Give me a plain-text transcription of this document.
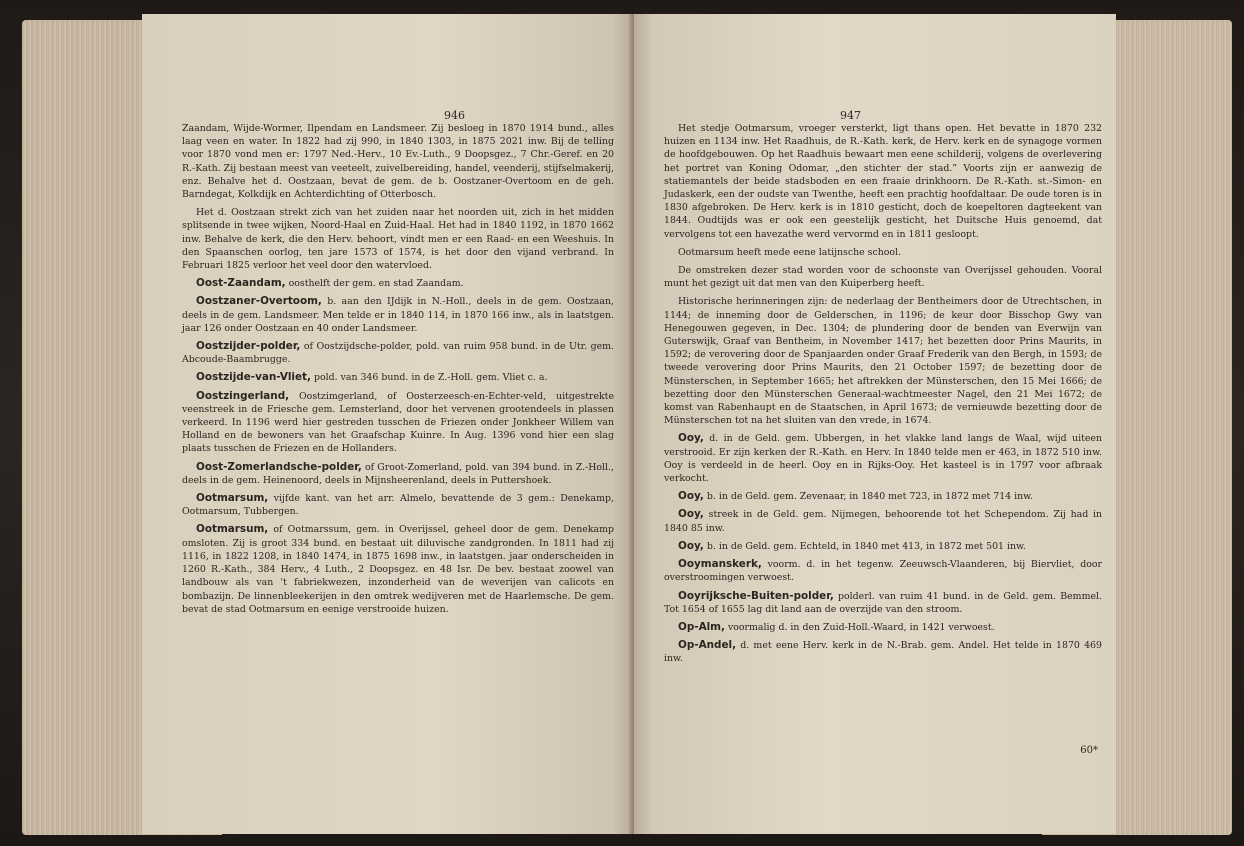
946

Zaandam, Wijde-Wormer, Ilpendam en Landsmeer. Zij besloeg in 1870 1914 bund., alles laag veen en water. In 1822 had zij 990, in 1840 1303, in 1875 2021 inw. Bij de telling voor 1870 vond men er: 1797 Ned.-Herv., 10 Ev.-Luth., 9 Doopsgez., 7 Chr.-Geref. en 20 R.-Kath. Zij bestaan meest van veeteelt, zuivelbereiding, handel, veenderij, stijfselmakerij, enz. Behalve het d. Oostzaan, bevat de gem. de b. Oostzaner-Overtoom en de geh. Barndegat, Kolkdijk en Achterdichting of Otterbosch.

Het d. Oostzaan strekt zich van het zuiden naar het noorden uit, zich in het midden splitsende in twee wijken, Noord-Haal en Zuid-Haal. Het had in 1840 1192, in 1870 1662 inw. Behalve de kerk, die den Herv. behoort, vindt men er een Raad- en een Weeshuis. In den Spaanschen oorlog, ten jare 1573 of 1574, is het door den vijand verbrand. In Februari 1825 verloor het veel door den watervloed.

Oost-Zaandam, oosthelft der gem. en stad Zaandam.

Oostzaner-Overtoom, b. aan den IJdijk in N.-Holl., deels in de gem. Oostzaan, deels in de gem. Landsmeer. Men telde er in 1840 114, in 1870 166 inw., als in laatstgen. jaar 126 onder Oostzaan en 40 onder Landsmeer.

Oostzijder-polder, of Oostzijdsche-polder, pold. van ruim 958 bund. in de Utr. gem. Abcoude-Baambrugge.

Oostzijde-van-Vliet, pold. van 346 bund. in de Z.-Holl. gem. Vliet c. a.

Oostzingerland, Oostzimgerland, of Oosterzeesch-en-Echter-veld, uitgestrekte veenstreek in de Friesche gem. Lemsterland, door het vervenen grootendeels in plassen verkeerd. In 1196 werd hier gestreden tusschen de Friezen onder Jonkheer Willem van Holland en de bewoners van het Graafschap Kuinre. In Aug. 1396 vond hier een slag plaats tusschen de Friezen en de Hollanders.

Oost-Zomerlandsche-polder, of Groot-Zomerland, pold. van 394 bund. in Z.-Holl., deels in de gem. Heinenoord, deels in Mijnsheerenland, deels in Puttershoek.

Ootmarsum, vijfde kant. van het arr. Almelo, bevattende de 3 gem.: Denekamp, Ootmarsum, Tubbergen.

Ootmarsum, of Ootmarssum, gem. in Overijssel, geheel door de gem. Denekamp omsloten. Zij is groot 334 bund. en bestaat uit diluvische zandgronden. In 1811 had zij 1116, in 1822 1208, in 1840 1474, in 1875 1698 inw., in laatstgen. jaar onderscheiden in 1260 R.-Kath., 384 Herv., 4 Luth., 2 Doopsgez. en 48 Isr. De bev. bestaat zoowel van landbouw als van 't fabriekwezen, inzonderheid van de weverijen van calicots en bombazijn. De linnenbleekerijen in den omtrek wedijveren met de Haarlemsche. De gem. bevat de stad Ootmarsum en eenige verstrooide huizen.

947

Het stedje Ootmarsum, vroeger versterkt, ligt thans open. Het bevatte in 1870 232 huizen en 1134 inw. Het Raadhuis, de R.-Kath. kerk, de Herv. kerk en de synagoge vormen de hoofdgebouwen. Op het Raadhuis bewaart men eene schilderij, volgens de overlevering het portret van Koning Odomar, „den stichter der stad.” Voorts zijn er aanwezig de statiemantels der beide stadsboden en een fraaie drinkhoorn. De R.-Kath. st.-Simon- en Judaskerk, een der oudste van Twenthe, heeft een prachtig hoofdaltaar. De oude toren is in 1830 afgebroken. De Herv. kerk is in 1810 gesticht, doch de koepeltoren dagteekent van 1844. Oudtijds was er ook een geestelijk gesticht, het Duitsche Huis genoemd, dat vervolgens tot een havezathe werd vervormd en in 1811 gesloopt.

Ootmarsum heeft mede eene latijnsche school.

De omstreken dezer stad worden voor de schoonste van Overijssel gehouden. Vooral munt het gezigt uit dat men van den Kuiperberg heeft.

Historische herinneringen zijn: de nederlaag der Bentheimers door de Utrechtschen, in 1144; de inneming door de Gelderschen, in 1196; de keur door Bisschop Gwy van Henegouwen gegeven, in Dec. 1304; de plundering door de benden van Everwijn van Guterswijk, Graaf van Bentheim, in November 1417; het bezetten door Prins Maurits, in 1592; de verovering door de Spanjaarden onder Graaf Frederik van den Bergh, in 1593; de tweede verovering door Prins Maurits, den 21 October 1597; de bezetting door de Münsterschen, in September 1665; het aftrekken der Münsterschen, den 15 Mei 1666; de bezetting door den Münsterschen Generaal-wachtmeester Nagel, den 21 Mei 1672; de komst van Rabenhaupt en de Staatschen, in April 1673; de vernieuwde bezetting door de Münsterschen tot na het sluiten van den vrede, in 1674.

Ooy, d. in de Geld. gem. Ubbergen, in het vlakke land langs de Waal, wijd uiteen verstrooid. Er zijn kerken der R.-Kath. en Herv. In 1840 telde men er 463, in 1872 510 inw. Ooy is verdeeld in de heerl. Ooy en in Rijks-Ooy. Het kasteel is in 1797 voor afbraak verkocht.

Ooy, b. in de Geld. gem. Zevenaar, in 1840 met 723, in 1872 met 714 inw.

Ooy, streek in de Geld. gem. Nijmegen, behoorende tot het Schependom. Zij had in 1840 85 inw.

Ooy, b. in de Geld. gem. Echteld, in 1840 met 413, in 1872 met 501 inw.

Ooymanskerk, voorm. d. in het tegenw. Zeeuwsch-Vlaanderen, bij Biervliet, door overstroomingen verwoest.

Ooyrijksche-Buiten-polder, polderl. van ruim 41 bund. in de Geld. gem. Bemmel. Tot 1654 of 1655 lag dit land aan de overzijde van den stroom.

Op-Alm, voormalig d. in den Zuid-Holl.-Waard, in 1421 verwoest.

Op-Andel, d. met eene Herv. kerk in de N.-Brab. gem. Andel. Het telde in 1870 469 inw.

60*
